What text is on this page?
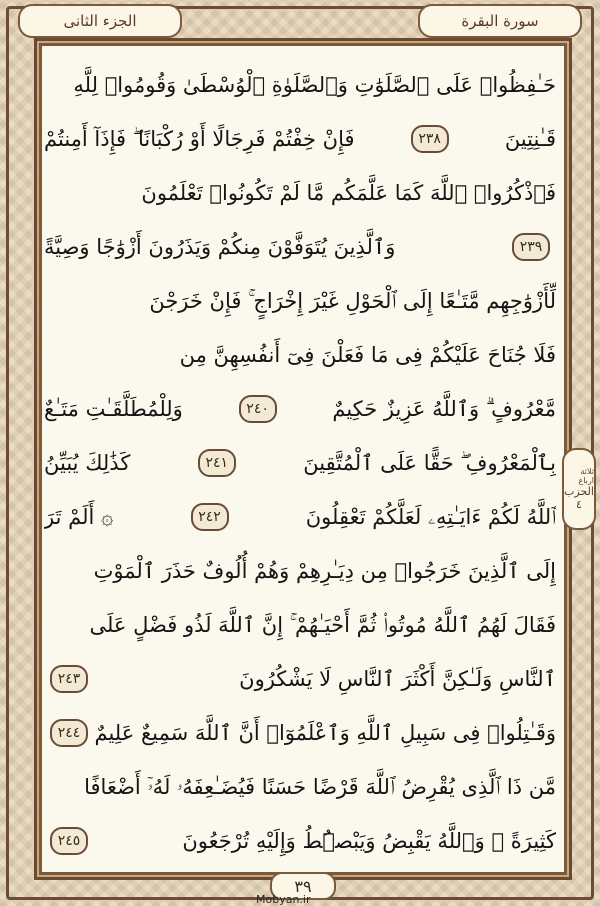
الجزء الثانی	سورة البقرة
حَـٰفِظُوا۟ عَلَى ٱلصَّلَوَٰتِ وَٱلصَّلَوٰةِ ٱلْوُسْطَىٰ وَقُومُوا۟ لِلَّهِ
قَـٰنِتِينَ
٢٣٨
فَإِنْ خِفْتُمْ فَرِجَالًا أَوْ رُكْبَانًا ۖ فَإِذَآ أَمِنتُمْ
فَٱذْكُرُوا۟ ٱللَّهَ كَمَا عَلَّمَكُم مَّا لَمْ تَكُونُوا۟ تَعْلَمُونَ
٢٣٩
وَٱلَّذِينَ يُتَوَفَّوْنَ مِنكُمْ وَيَذَرُونَ أَزْوَٰجًا وَصِيَّةً
لِّأَزْوَٰجِهِم مَّتَـٰعًا إِلَى ٱلْحَوْلِ غَيْرَ إِخْرَاجٍ ۚ فَإِنْ خَرَجْنَ
فَلَا جُنَاحَ عَلَيْكُمْ فِى مَا فَعَلْنَ فِىٓ أَنفُسِهِنَّ مِن
مَّعْرُوفٍ ۗ وَٱللَّهُ عَزِيزٌ حَكِيمٌ
٢٤٠
وَلِلْمُطَلَّقَـٰتِ مَتَـٰعٌ
بِٱلْمَعْرُوفِ ۖ حَقًّا عَلَى ٱلْمُتَّقِينَ
٢٤١
كَذَٰلِكَ يُبَيِّنُ
ٱللَّهُ لَكُمْ ءَايَـٰتِهِۦ لَعَلَّكُمْ تَعْقِلُونَ
٢٤٢
۞ أَلَمْ تَرَ
إِلَى ٱلَّذِينَ خَرَجُوا۟ مِن دِيَـٰرِهِمْ وَهُمْ أُلُوفٌ حَذَرَ ٱلْمَوْتِ
فَقَالَ لَهُمُ ٱللَّهُ مُوتُوا۟ ثُمَّ أَحْيَـٰهُمْ ۚ إِنَّ ٱللَّهَ لَذُو فَضْلٍ عَلَى
ٱلنَّاسِ وَلَـٰكِنَّ أَكْثَرَ ٱلنَّاسِ لَا يَشْكُرُونَ
٢٤٣
وَقَـٰتِلُوا۟ فِى سَبِيلِ ٱللَّهِ وَٱعْلَمُوٓا۟ أَنَّ ٱللَّهَ سَمِيعٌ عَلِيمٌ
٢٤٤
مَّن ذَا ٱلَّذِى يُقْرِضُ ٱللَّهَ قَرْضًا حَسَنًا فَيُضَـٰعِفَهُۥ لَهُۥٓ أَضْعَافًا
كَثِيرَةً ۚ وَٱللَّهُ يَقْبِضُ وَيَبْصُۜطُ وَإِلَيْهِ تُرْجَعُونَ
٢٤٥
ثلاثة ارباع
الحزب
٤
٣٩
Mobyan.ir
